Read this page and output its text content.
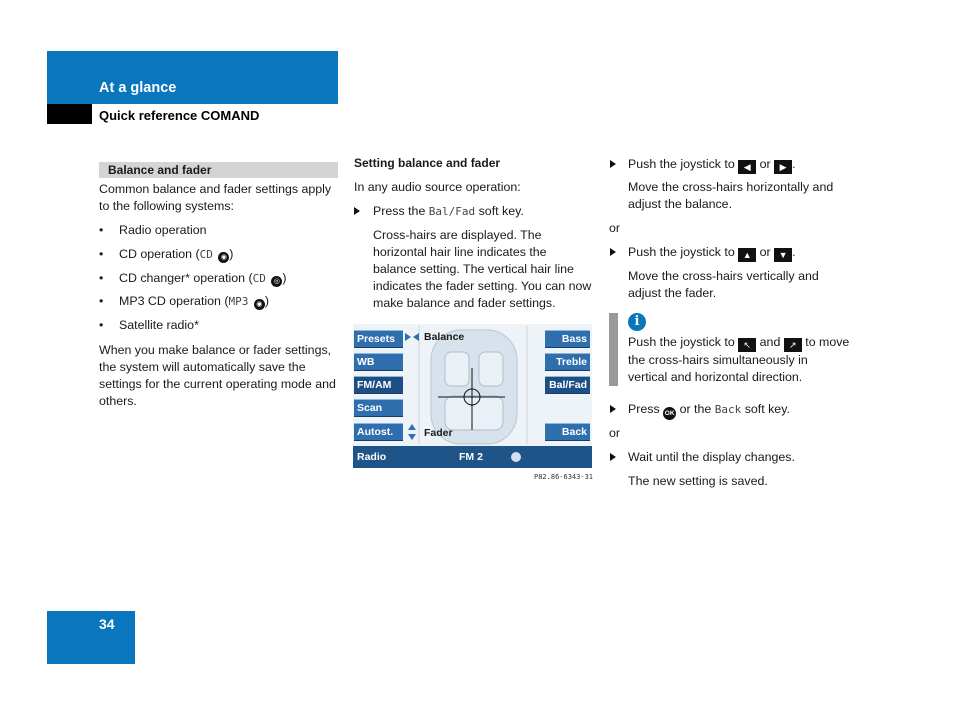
At a glance
Quick reference COMAND
Balance and fader
Common balance and fader settings apply to the following systems:
• Radio operation
• CD operation (CD ◉ )
• CD changer* operation (CD ◎ )
• MP3 CD operation (MP3 ◉ )
• Satellite radio*
When you make balance or fader settings, the system will automatically save the settings for the current operating mode and others.
Setting balance and fader
In any audio source operation:
Press the Bal/Fad soft key.
Cross-hairs are displayed. The horizontal hair line indicates the balance setting. The vertical hair line indicates the fader setting. You can now make balance and fader settings.
Presets
WB
FM/AM
Scan
Autost.
Bass
Treble
Bal/Fad
Back
Balance
Fader
Radio	FM 2
P82.86-6343-31
Push the joystick to ◀ or ▶ .
Move the cross-hairs horizontally and adjust the balance.
or
Push the joystick to ▲ or ▼ .
Move the cross-hairs vertically and adjust the fader.
i
Push the joystick to ↖ and ↗ to move the cross-hairs simultaneously in vertical and horizontal direction.
Press OK or the Back soft key.
or
Wait until the display changes.
The new setting is saved.
34
